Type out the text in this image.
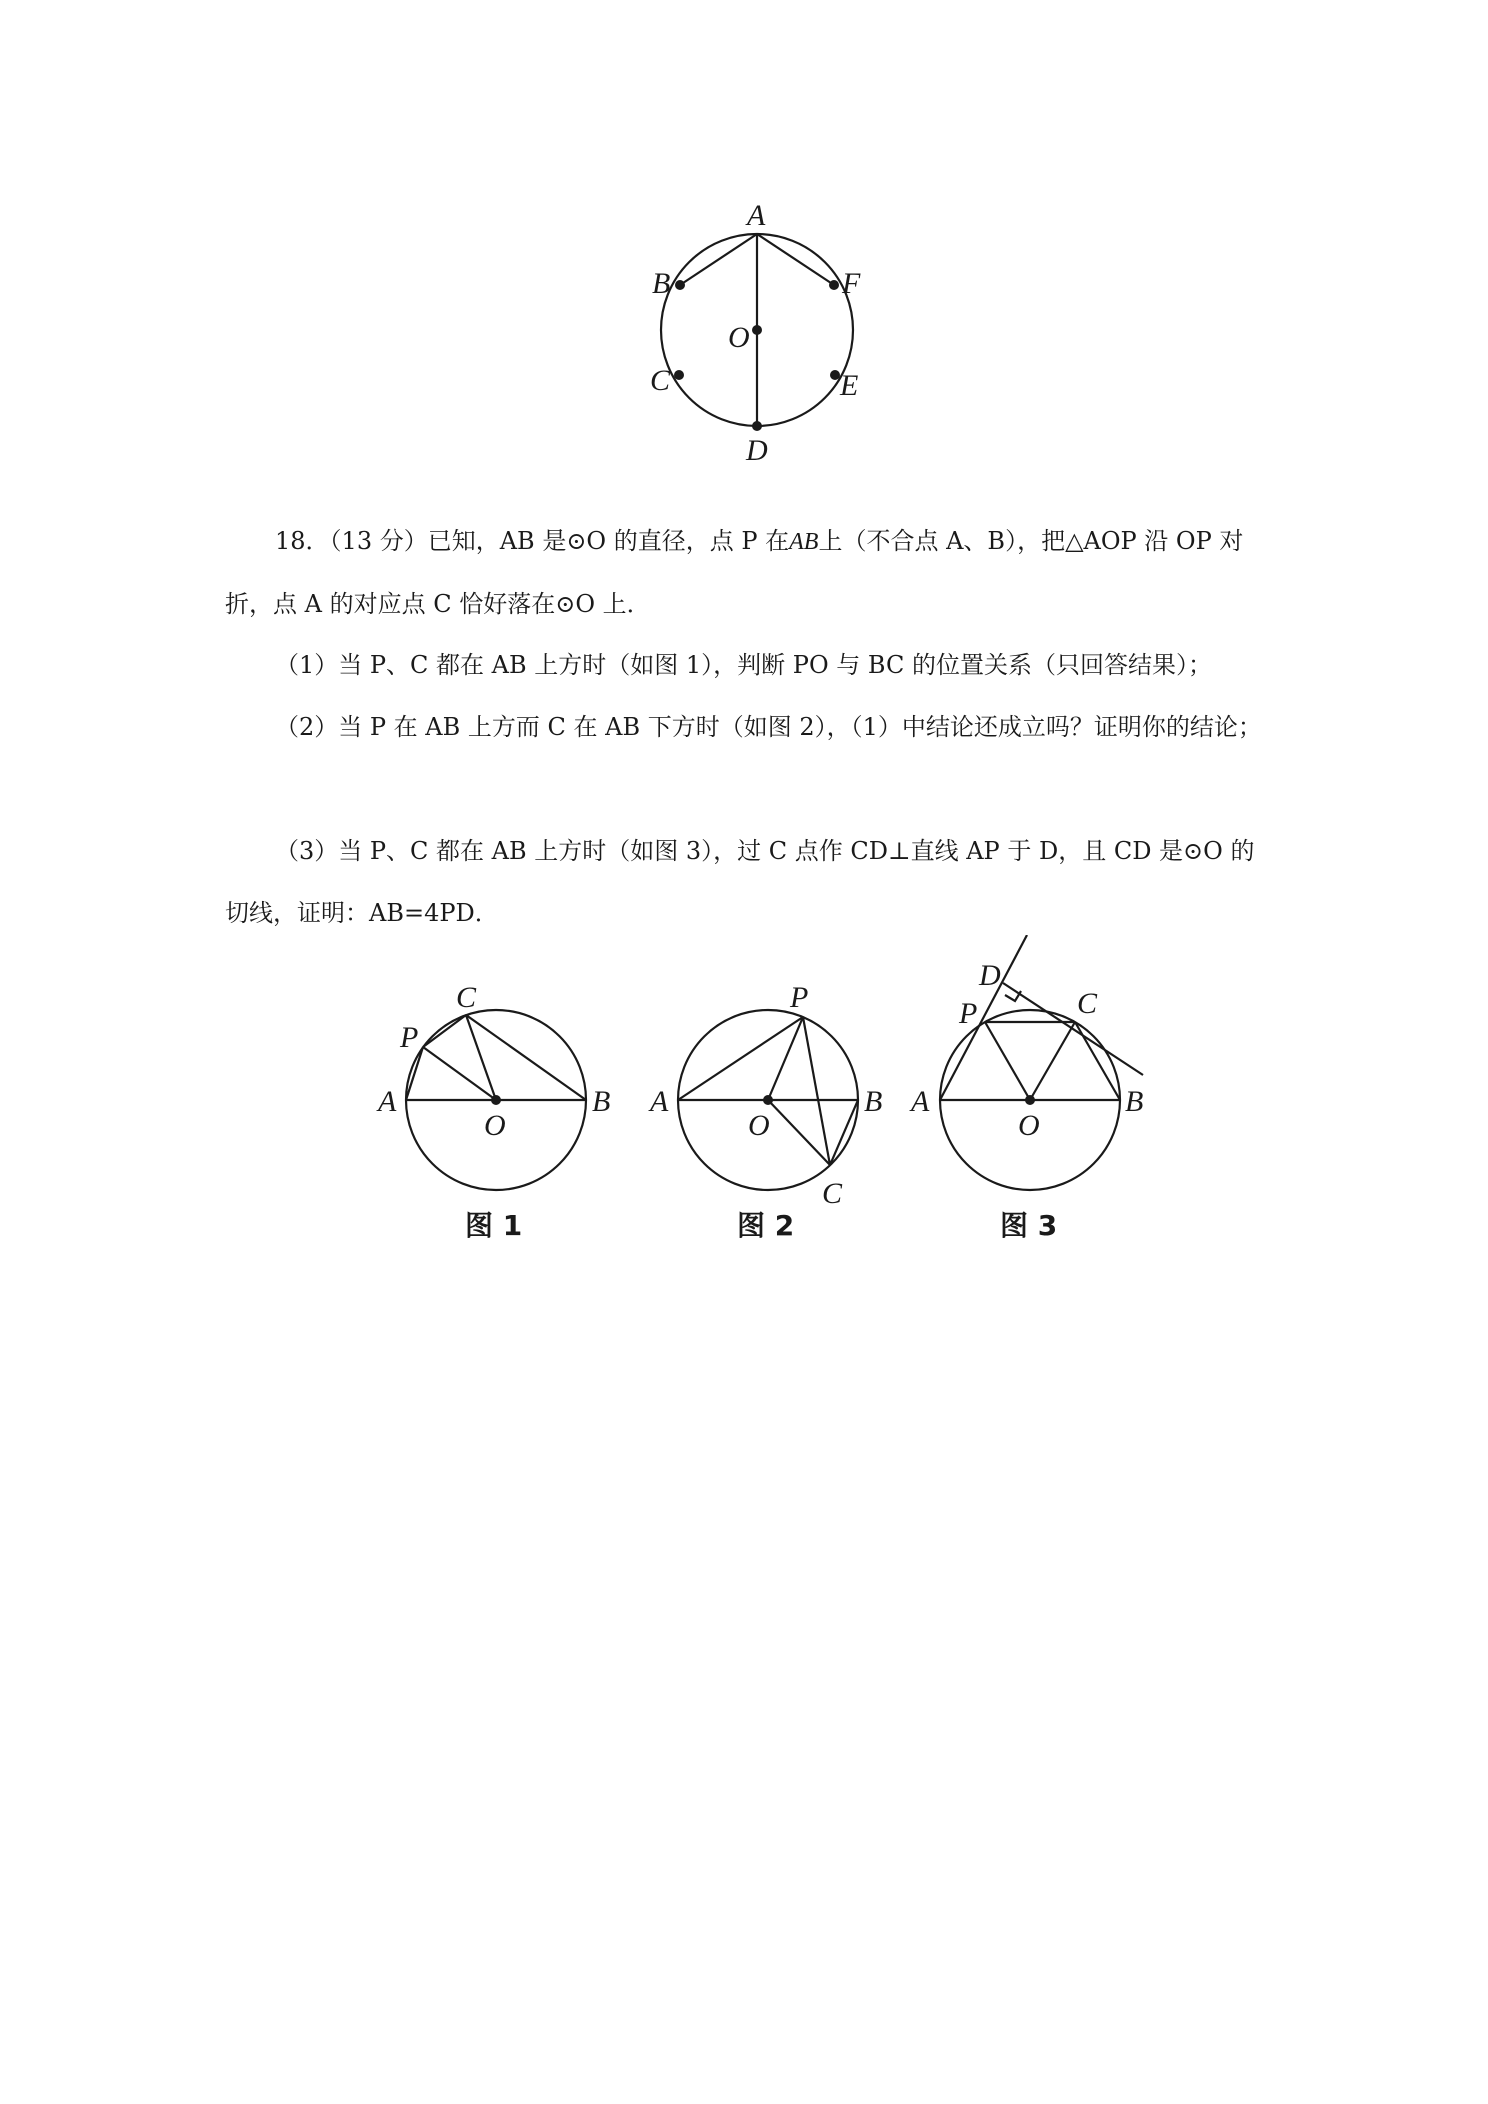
A
B	F
O
C	E
D

18．（13 分）已知，AB 是⊙O 的直径，点 P 在AB上（不合点 A、B），把△AOP 沿 OP 对折，点 A 的对应点 C 恰好落在⊙O 上．

（1）当 P、C 都在 AB 上方时（如图 1），判断 PO 与 BC 的位置关系（只回答结果）；

（2）当 P 在 AB 上方而 C 在 AB 下方时（如图 2），（1）中结论还成立吗？证明你的结论；

（3）当 P、C 都在 AB 上方时（如图 3），过 C 点作 CD⊥直线 AP 于 D，且 CD 是⊙O 的切线，证明：AB=4PD．

C
P
A	B
O
图 1
P
A	B
O
C
图 2
D
P	C
A	B
O
图 3
